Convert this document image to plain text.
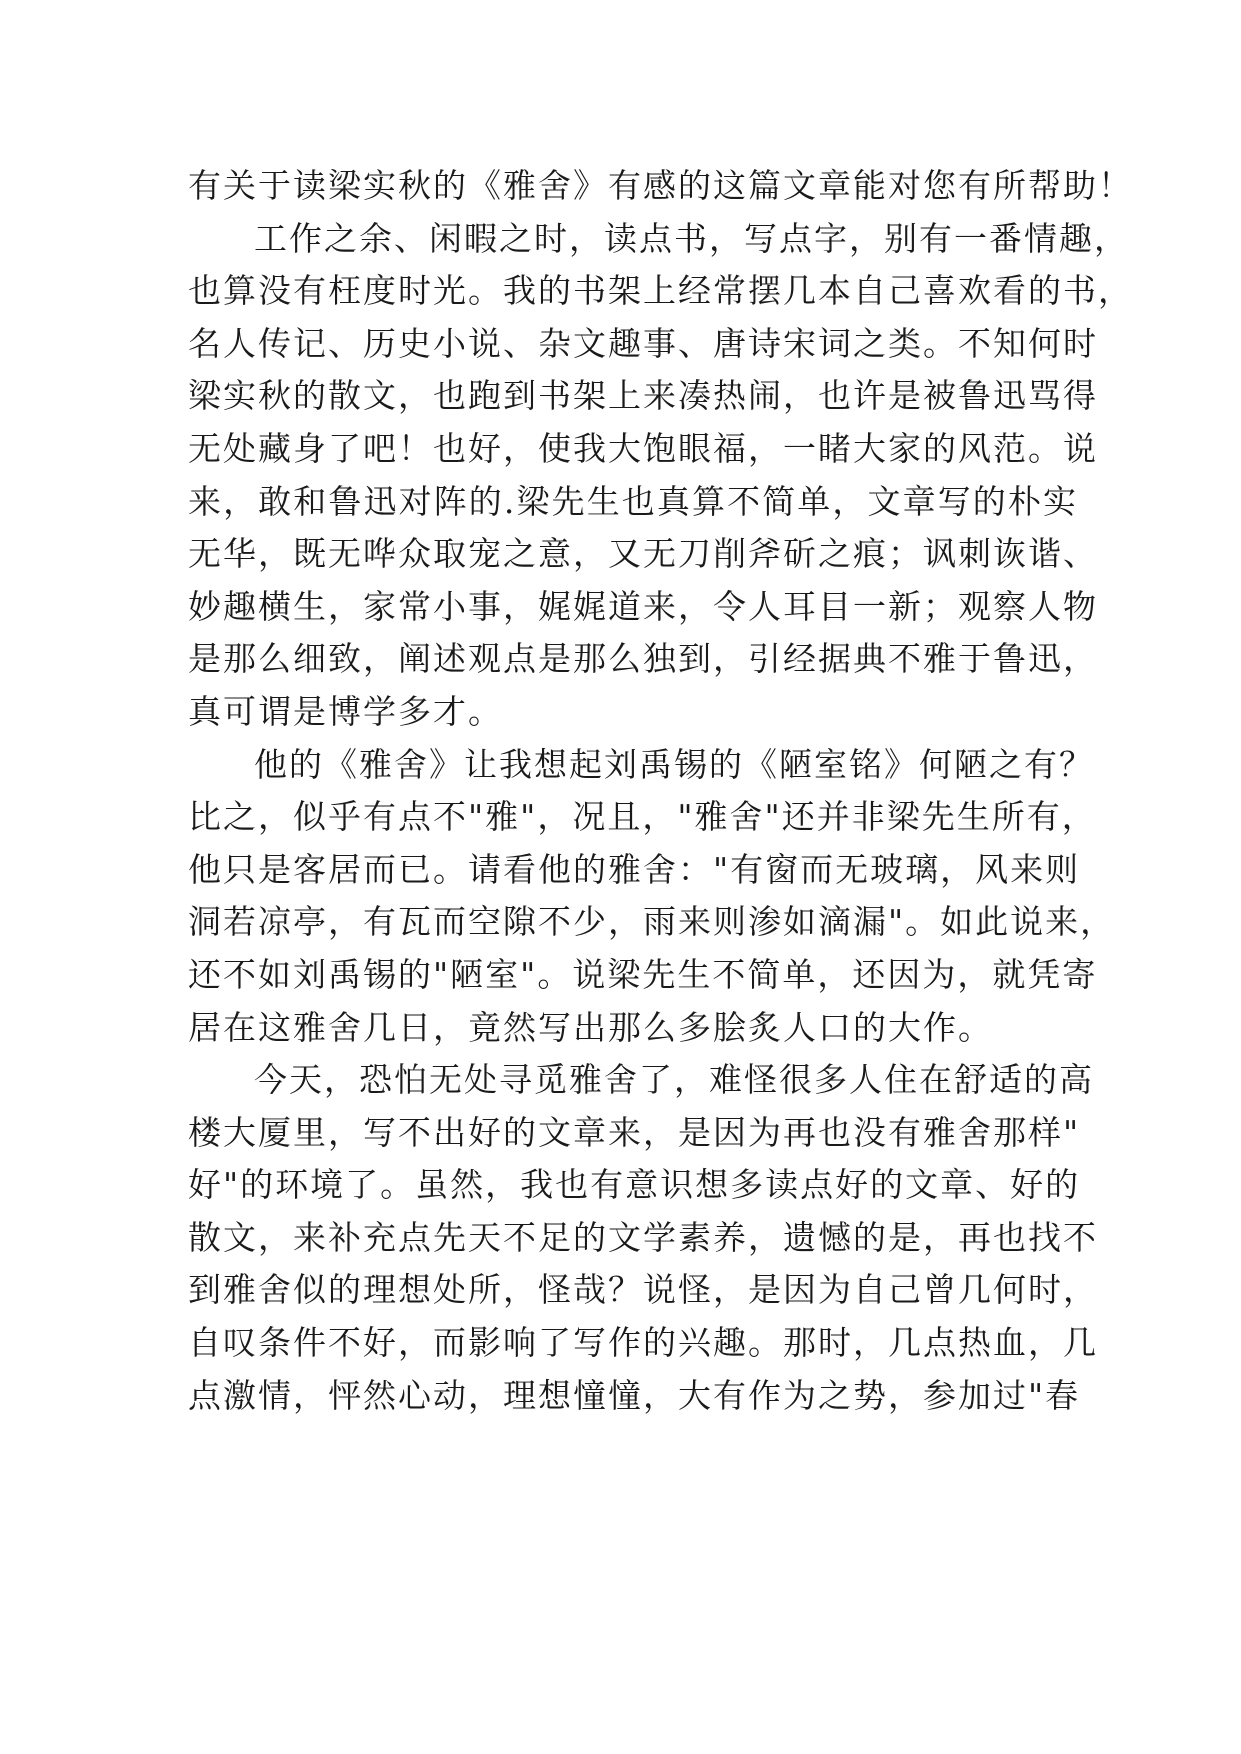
有关于读梁实秋的《雅舍》有感的这篇文章能对您有所帮助！
工作之余、闲暇之时，读点书，写点字，别有一番情趣，
也算没有枉度时光。我的书架上经常摆几本自己喜欢看的书，
名人传记、历史小说、杂文趣事、唐诗宋词之类。不知何时
梁实秋的散文，也跑到书架上来凑热闹，也许是被鲁迅骂得
无处藏身了吧！也好，使我大饱眼福，一睹大家的风范。说
来，敢和鲁迅对阵的.梁先生也真算不简单，文章写的朴实
无华，既无哗众取宠之意，又无刀削斧斫之痕；讽刺诙谐、
妙趣横生，家常小事，娓娓道来，令人耳目一新；观察人物
是那么细致，阐述观点是那么独到，引经据典不雅于鲁迅，
真可谓是博学多才。
他的《雅舍》让我想起刘禹锡的《陋室铭》何陋之有？
比之，似乎有点不"雅"，况且，"雅舍"还并非梁先生所有，
他只是客居而已。请看他的雅舍："有窗而无玻璃，风来则
洞若凉亭，有瓦而空隙不少，雨来则渗如滴漏"。如此说来，
还不如刘禹锡的"陋室"。说梁先生不简单，还因为，就凭寄
居在这雅舍几日，竟然写出那么多脍炙人口的大作。
今天，恐怕无处寻觅雅舍了，难怪很多人住在舒适的高
楼大厦里，写不出好的文章来，是因为再也没有雅舍那样"
好"的环境了。虽然，我也有意识想多读点好的文章、好的
散文，来补充点先天不足的文学素养，遗憾的是，再也找不
到雅舍似的理想处所，怪哉？说怪，是因为自己曾几何时，
自叹条件不好，而影响了写作的兴趣。那时，几点热血，几
点激情，怦然心动，理想憧憧，大有作为之势，参加过"春
